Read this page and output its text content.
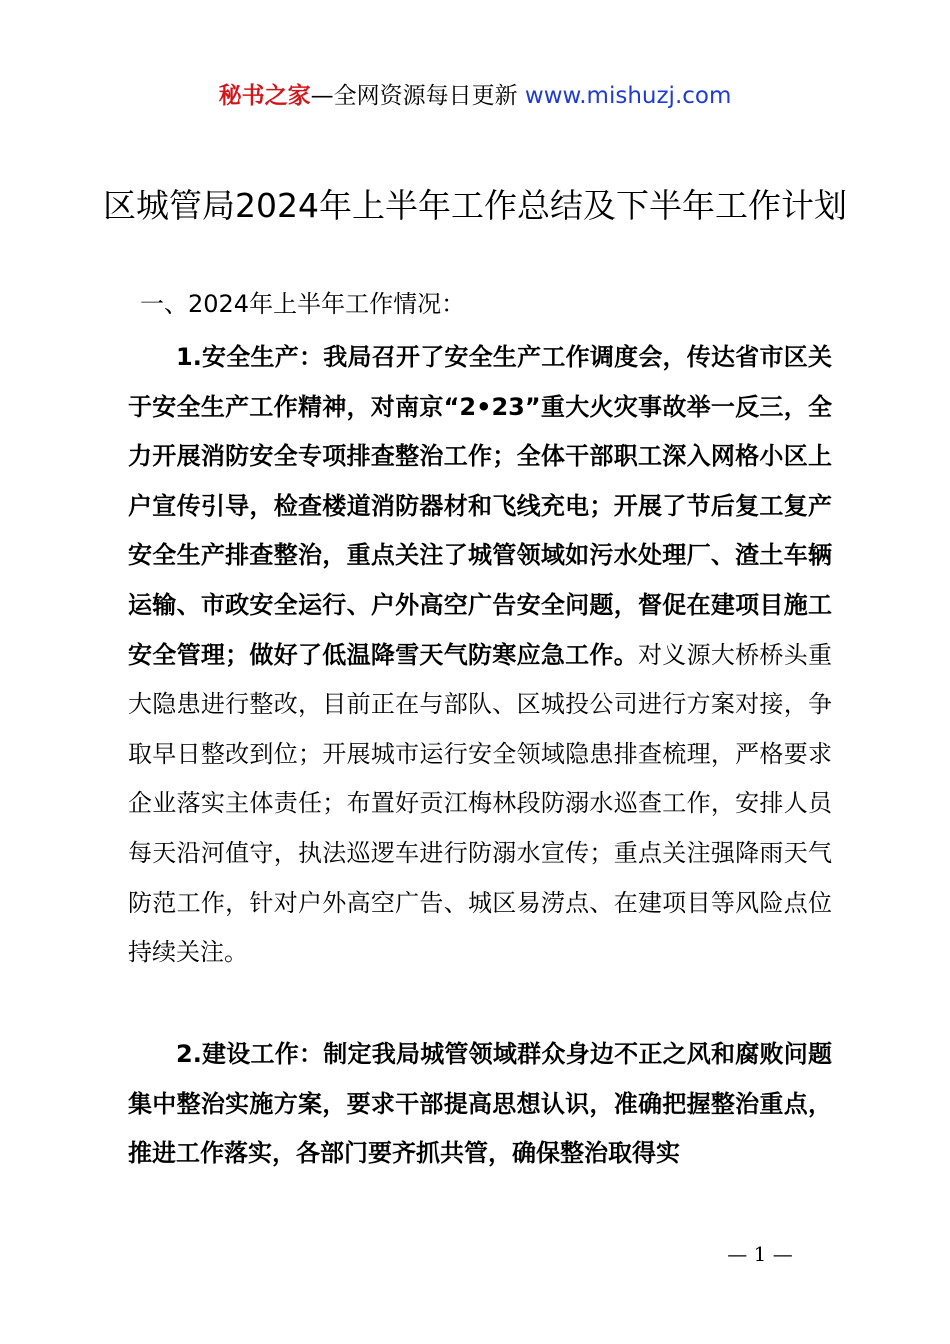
秘书之家—全网资源每日更新 www.mishuzj.com
区城管局2024年上半年工作总结及下半年工作计划

一、2024年上半年工作情况：

1.安全生产：我局召开了安全生产工作调度会，传达省市区关于安全生产工作精神，对南京“2•23”重大火灾事故举一反三，全力开展消防安全专项排查整治工作；全体干部职工深入网格小区上户宣传引导，检查楼道消防器材和飞线充电；开展了节后复工复产安全生产排查整治，重点关注了城管领域如污水处理厂、渣土车辆运输、市政安全运行、户外高空广告安全问题，督促在建项目施工安全管理；做好了低温降雪天气防寒应急工作。对义源大桥桥头重大隐患进行整改，目前正在与部队、区城投公司进行方案对接，争取早日整改到位；开展城市运行安全领域隐患排查梳理，严格要求企业落实主体责任；布置好贡江梅林段防溺水巡查工作，安排人员每天沿河值守，执法巡逻车进行防溺水宣传；重点关注强降雨天气防范工作，针对户外高空广告、城区易涝点、在建项目等风险点位持续关注。

2.建设工作：制定我局城管领域群众身边不正之风和腐败问题集中整治实施方案，要求干部提高思想认识，准确把握整治重点，推进工作落实，各部门要齐抓共管，确保整治取得实

— 1 —
